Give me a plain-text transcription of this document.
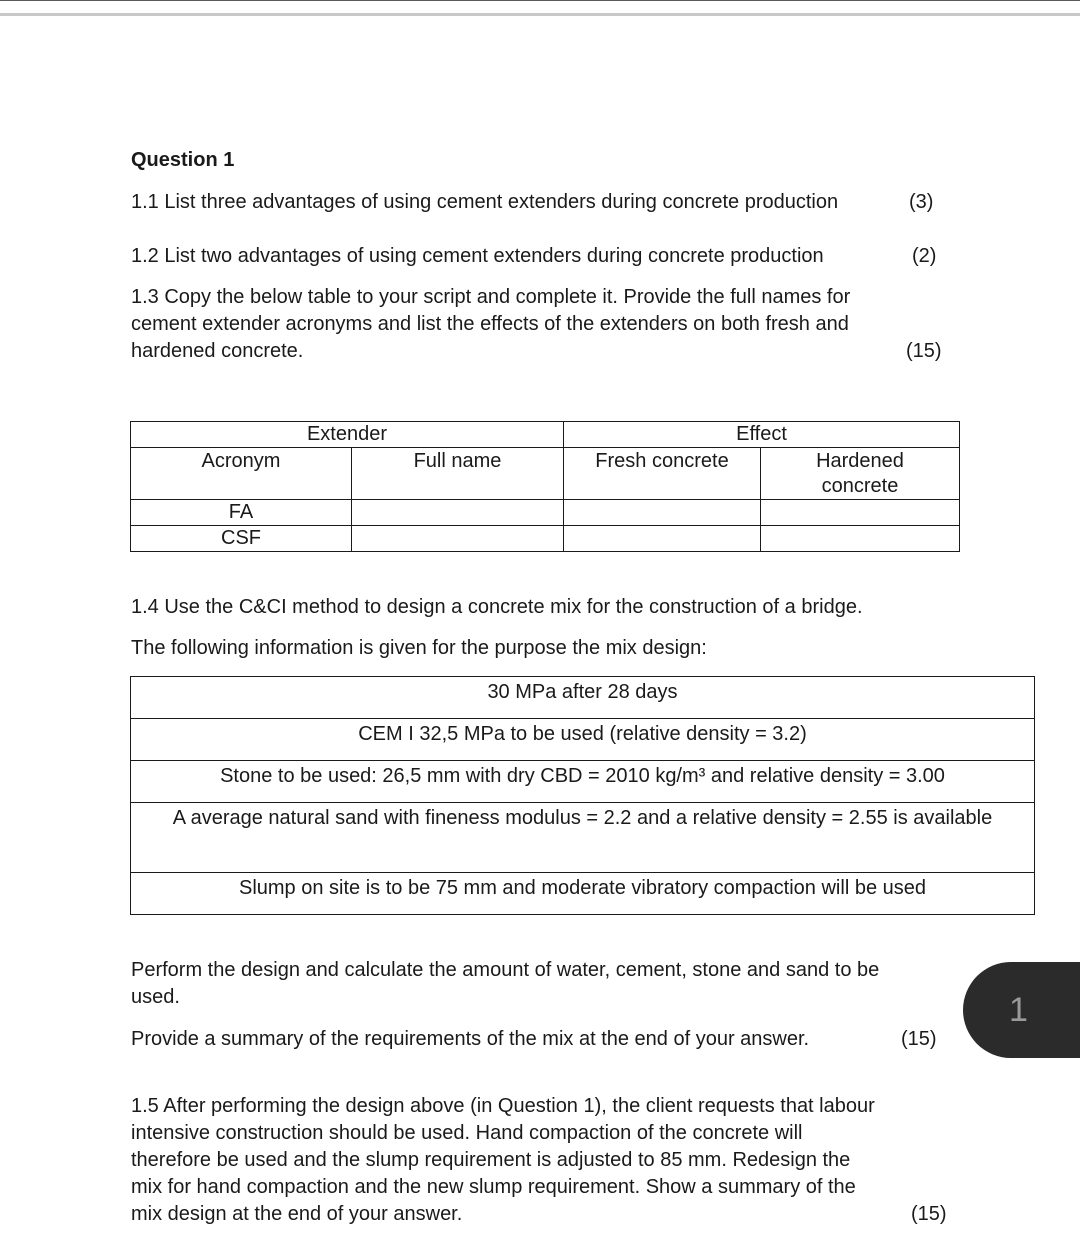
Question 1
1.1 List three advantages of using cement extenders during concrete production	(3)
1.2 List two advantages of using cement extenders during concrete production	(2)
1.3 Copy the below table to your script and complete it. Provide the full names for
cement extender acronyms and list the effects of the extenders on both fresh and
hardened concrete.	(15)
Extender		Effect	
Acronym	Full name	Fresh concrete	Hardened concrete
FA			
CSF			
1.4 Use the C&CI method to design a concrete mix for the construction of a bridge.
The following information is given for the purpose the mix design:
30 MPa after 28 days
CEM I 32,5 MPa to be used (relative density = 3.2)
Stone to be used: 26,5 mm with dry CBD = 2010 kg/m³ and relative density = 3.00
A average natural sand with fineness modulus = 2.2 and a relative density = 2.55 is available
Slump on site is to be 75 mm and moderate vibratory compaction will be used
Perform the design and calculate the amount of water, cement, stone and sand to be
used.
Provide a summary of the requirements of the mix at the end of your answer.	(15)
1.5 After performing the design above (in Question 1), the client requests that labour
intensive construction should be used. Hand compaction of the concrete will
therefore be used and the slump requirement is adjusted to 85 mm. Redesign the
mix for hand compaction and the new slump requirement. Show a summary of the
mix design at the end of your answer.	(15)
1
